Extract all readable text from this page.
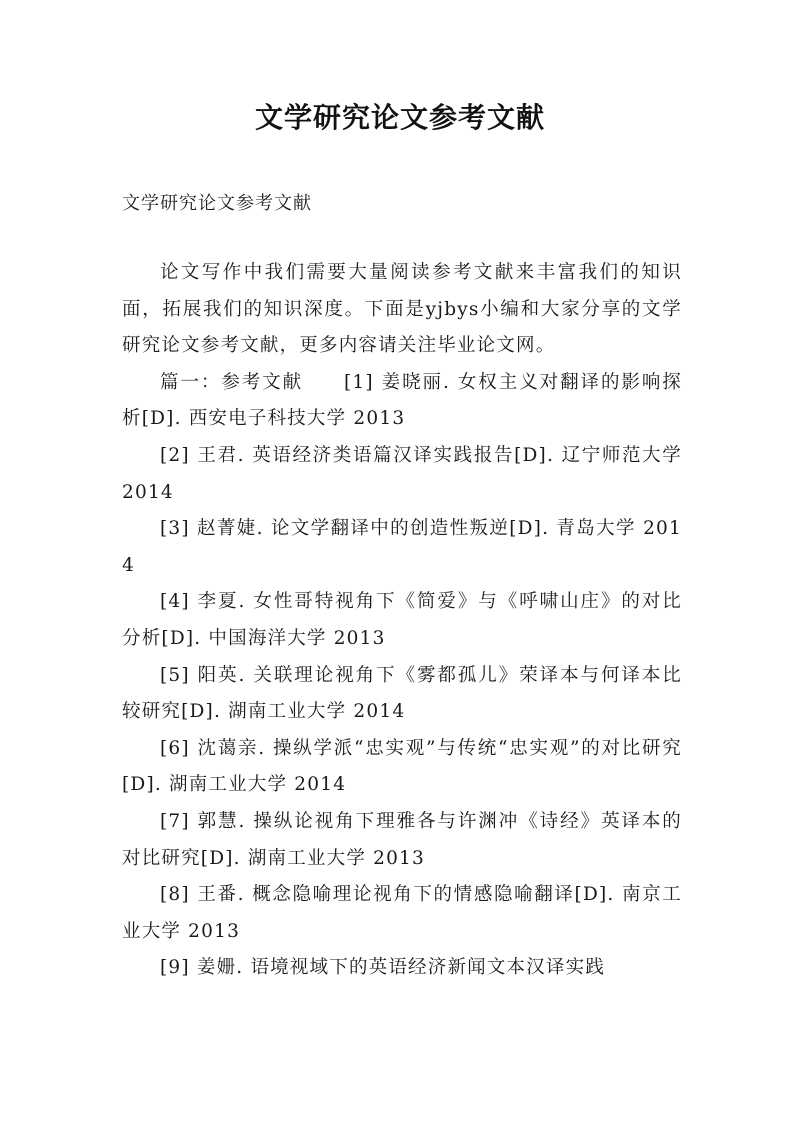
文学研究论文参考文献
文学研究论文参考文献

论文写作中我们需要大量阅读参考文献来丰富我们的知识面，拓展我们的知识深度。下面是yjbys小编和大家分享的文学研究论文参考文献，更多内容请关注毕业论文网。

篇一：参考文献　　[1] 姜晓丽. 女权主义对翻译的影响探析[D]. 西安电子科技大学 2013

[2] 王君. 英语经济类语篇汉译实践报告[D]. 辽宁师范大学 2014

[3] 赵菁婕. 论文学翻译中的创造性叛逆[D]. 青岛大学 2014

[4] 李夏. 女性哥特视角下《简爱》与《呼啸山庄》的对比分析[D]. 中国海洋大学 2013

[5] 阳英. 关联理论视角下《雾都孤儿》荣译本与何译本比较研究[D]. 湖南工业大学 2014

[6] 沈蔼亲. 操纵学派“忠实观”与传统“忠实观”的对比研究[D]. 湖南工业大学 2014

[7] 郭慧. 操纵论视角下理雅各与许渊冲《诗经》英译本的对比研究[D]. 湖南工业大学 2013

[8] 王番. 概念隐喻理论视角下的情感隐喻翻译[D]. 南京工业大学 2013

[9] 姜姗. 语境视域下的英语经济新闻文本汉译实践
